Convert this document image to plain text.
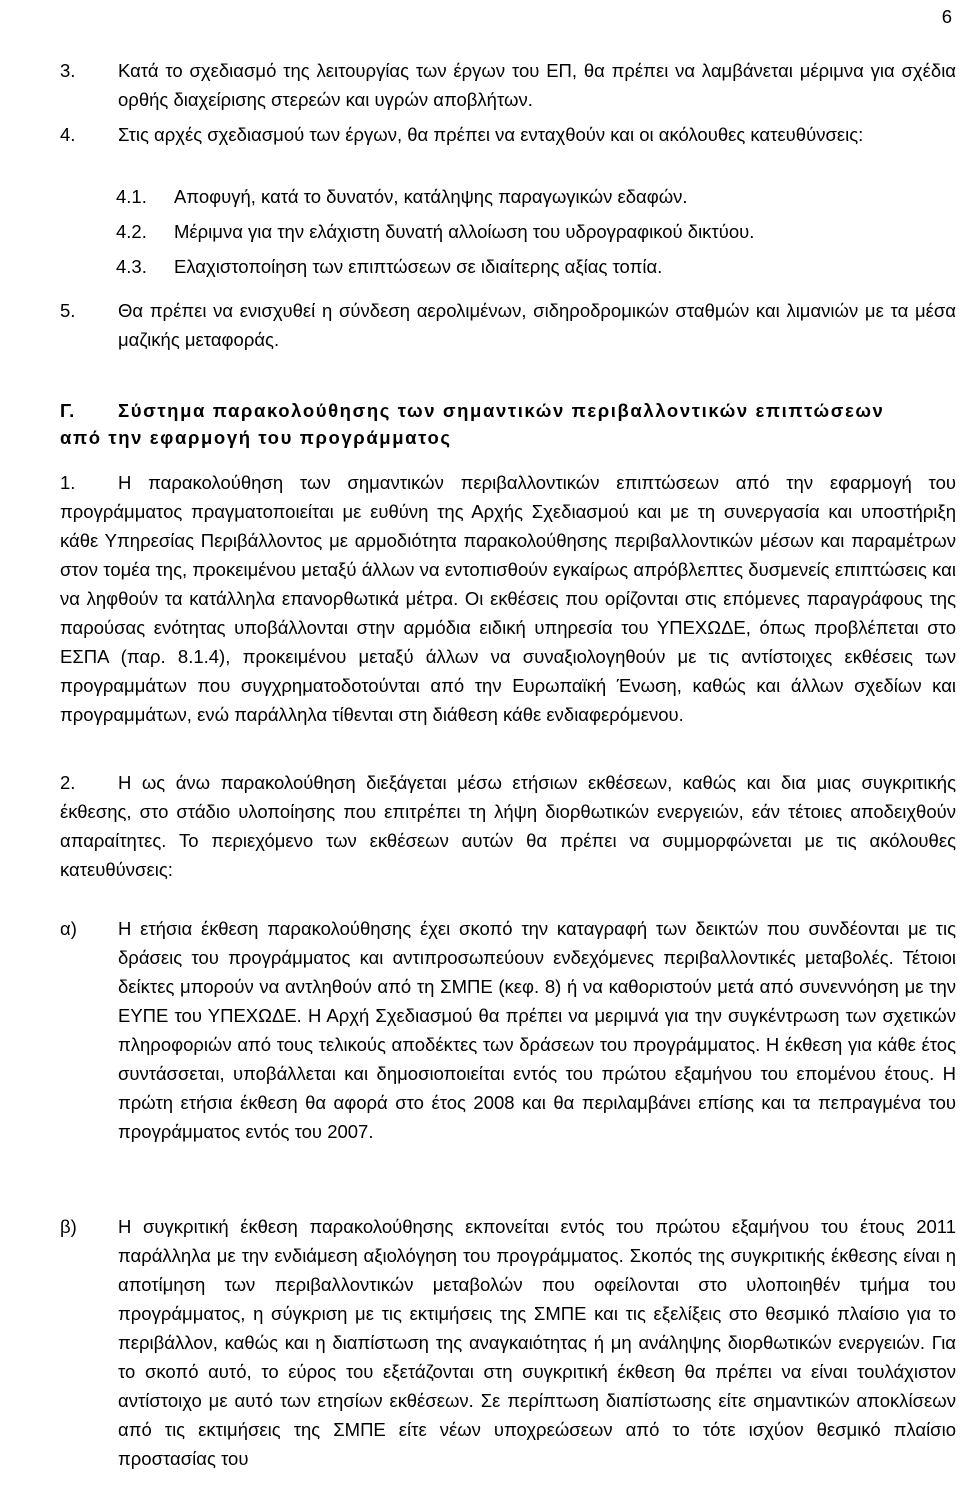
6
3.	Κατά το σχεδιασμό της λειτουργίας των έργων του ΕΠ, θα πρέπει να λαμβάνεται μέριμνα για σχέδια ορθής διαχείρισης στερεών και υγρών αποβλήτων.
4.	Στις αρχές σχεδιασμού των έργων, θα πρέπει να ενταχθούν και οι ακόλουθες κατευθύνσεις:
4.1. Αποφυγή, κατά το δυνατόν, κατάληψης παραγωγικών εδαφών.
4.2. Μέριμνα για την ελάχιστη δυνατή αλλοίωση του υδρογραφικού δικτύου.
4.3. Ελαχιστοποίηση των επιπτώσεων σε ιδιαίτερης αξίας τοπία.
5.	Θα πρέπει να ενισχυθεί η σύνδεση αερολιμένων, σιδηροδρομικών σταθμών και λιμανιών με τα μέσα μαζικής μεταφοράς.
Γ.	Σύστημα παρακολούθησης των σημαντικών περιβαλλοντικών επιπτώσεων
από την εφαρμογή του προγράμματος
1. Η παρακολούθηση των σημαντικών περιβαλλοντικών επιπτώσεων από την εφαρμογή του προγράμματος πραγματοποιείται με ευθύνη της Αρχής Σχεδιασμού και με τη συνεργασία και υποστήριξη κάθε Υπηρεσίας Περιβάλλοντος με αρμοδιότητα παρακολούθησης περιβαλλοντικών μέσων και παραμέτρων στον τομέα της, προκειμένου μεταξύ άλλων να εντοπισθούν εγκαίρως απρόβλεπτες δυσμενείς επιπτώσεις και να ληφθούν τα κατάλληλα επανορθωτικά μέτρα. Οι εκθέσεις που ορίζονται στις επόμενες παραγράφους της παρούσας ενότητας υποβάλλονται στην αρμόδια ειδική υπηρεσία του ΥΠΕΧΩΔΕ, όπως προβλέπεται στο ΕΣΠΑ (παρ. 8.1.4), προκειμένου μεταξύ άλλων να συναξιολογηθούν με τις αντίστοιχες εκθέσεις των προγραμμάτων που συγχρηματοδοτούνται από την Ευρωπαϊκή Ένωση, καθώς και άλλων σχεδίων και προγραμμάτων, ενώ παράλληλα τίθενται στη διάθεση κάθε ενδιαφερόμενου.
2. Η ως άνω παρακολούθηση διεξάγεται μέσω ετήσιων εκθέσεων, καθώς και δια μιας συγκριτικής έκθεσης, στο στάδιο υλοποίησης που επιτρέπει τη λήψη διορθωτικών ενεργειών, εάν τέτοιες αποδειχθούν απαραίτητες. Το περιεχόμενο των εκθέσεων αυτών θα πρέπει να συμμορφώνεται με τις ακόλουθες κατευθύνσεις:
α)	Η ετήσια έκθεση παρακολούθησης έχει σκοπό την καταγραφή των δεικτών που συνδέονται με τις δράσεις του προγράμματος και αντιπροσωπεύουν ενδεχόμενες περιβαλλοντικές μεταβολές. Τέτοιοι δείκτες μπορούν να αντληθούν από τη ΣΜΠΕ (κεφ. 8) ή να καθοριστούν μετά από συνεννόηση με την ΕΥΠΕ του ΥΠΕΧΩΔΕ. Η Αρχή Σχεδιασμού θα πρέπει να μεριμνά για την συγκέντρωση των σχετικών πληροφοριών από τους τελικούς αποδέκτες των δράσεων του προγράμματος. Η έκθεση για κάθε έτος συντάσσεται, υποβάλλεται και δημοσιοποιείται εντός του πρώτου εξαμήνου του επομένου έτους. Η πρώτη ετήσια έκθεση θα αφορά στο έτος 2008 και θα περιλαμβάνει επίσης και τα πεπραγμένα του προγράμματος εντός του 2007.
β)	Η συγκριτική έκθεση παρακολούθησης εκπονείται εντός του πρώτου εξαμήνου του έτους 2011 παράλληλα με την ενδιάμεση αξιολόγηση του προγράμματος. Σκοπός της συγκριτικής έκθεσης είναι η αποτίμηση των περιβαλλοντικών μεταβολών που οφείλονται στο υλοποιηθέν τμήμα του προγράμματος, η σύγκριση με τις εκτιμήσεις της ΣΜΠΕ και τις εξελίξεις στο θεσμικό πλαίσιο για το περιβάλλον, καθώς και η διαπίστωση της αναγκαιότητας ή μη ανάληψης διορθωτικών ενεργειών. Για το σκοπό αυτό, το εύρος του εξετάζονται στη συγκριτική έκθεση θα πρέπει να είναι τουλάχιστον αντίστοιχο με αυτό των ετησίων εκθέσεων. Σε περίπτωση διαπίστωσης είτε σημαντικών αποκλίσεων από τις εκτιμήσεις της ΣΜΠΕ είτε νέων υποχρεώσεων από το τότε ισχύον θεσμικό πλαίσιο προστασίας του
